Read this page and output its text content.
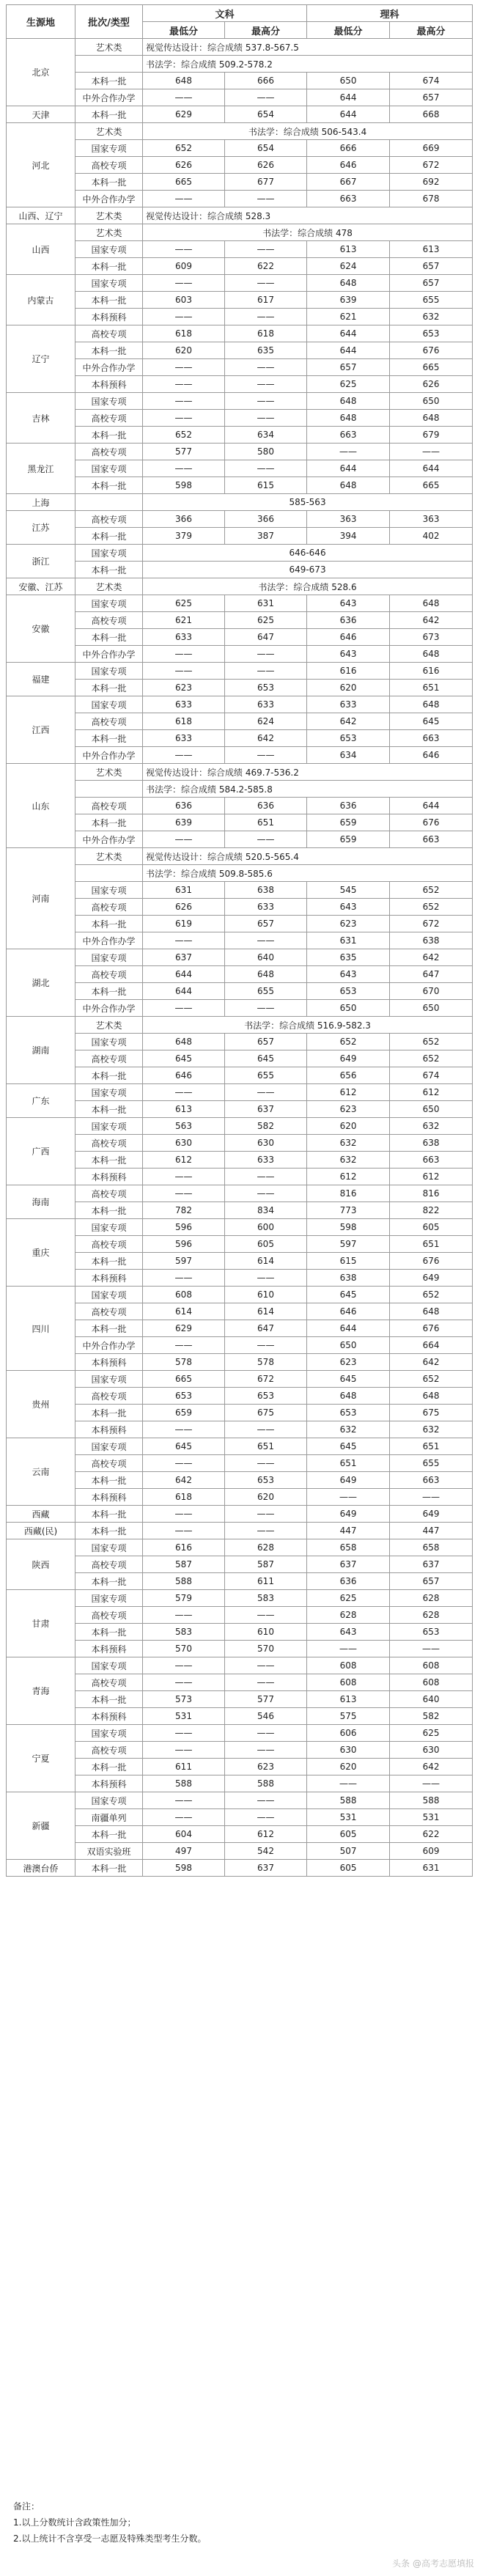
生源地	批次/类型	文科		理科	
		最低分	最高分	最低分	最高分
北京	艺术类	视觉传达设计：综合成绩 537.8-567.5			
		书法学：综合成绩 509.2-578.2			
	本科一批	648	666	650	674
	中外合作办学	——	——	644	657
天津	本科一批	629	654	644	668
河北	艺术类	书法学：综合成绩 506-543.4			
	国家专项	652	654	666	669
	高校专项	626	626	646	672
	本科一批	665	677	667	692
	中外合作办学	——	——	663	678
山西、辽宁	艺术类	视觉传达设计：综合成绩 528.3			
山西	艺术类	书法学：综合成绩 478			
	国家专项	——	——	613	613
	本科一批	609	622	624	657
内蒙古	国家专项	——	——	648	657
	本科一批	603	617	639	655
	本科预科	——	——	621	632
辽宁	高校专项	618	618	644	653
	本科一批	620	635	644	676
	中外合作办学	——	——	657	665
	本科预科	——	——	625	626
吉林	国家专项	——	——	648	650
	高校专项	——	——	648	648
	本科一批	652	634	663	679
黑龙江	高校专项	577	580	——	——
	国家专项	——	——	644	644
	本科一批	598	615	648	665
上海		585-563			
江苏	高校专项	366	366	363	363
	本科一批	379	387	394	402
浙江	国家专项	646-646			
	本科一批	649-673			
安徽、江苏	艺术类	书法学：综合成绩 528.6			
安徽	国家专项	625	631	643	648
	高校专项	621	625	636	642
	本科一批	633	647	646	673
	中外合作办学	——	——	643	648
福建	国家专项	——	——	616	616
	本科一批	623	653	620	651
江西	国家专项	633	633	633	648
	高校专项	618	624	642	645
	本科一批	633	642	653	663
	中外合作办学	——	——	634	646
山东	艺术类	视觉传达设计：综合成绩 469.7-536.2			
		书法学：综合成绩 584.2-585.8			
	高校专项	636	636	636	644
	本科一批	639	651	659	676
	中外合作办学	——	——	659	663
河南	艺术类	视觉传达设计：综合成绩 520.5-565.4			
		书法学：综合成绩 509.8-585.6			
	国家专项	631	638	545	652
	高校专项	626	633	643	652
	本科一批	619	657	623	672
	中外合作办学	——	——	631	638
湖北	国家专项	637	640	635	642
	高校专项	644	648	643	647
	本科一批	644	655	653	670
	中外合作办学	——	——	650	650
湖南	艺术类	书法学：综合成绩 516.9-582.3			
	国家专项	648	657	652	652
	高校专项	645	645	649	652
	本科一批	646	655	656	674
广东	国家专项	——	——	612	612
	本科一批	613	637	623	650
广西	国家专项	563	582	620	632
	高校专项	630	630	632	638
	本科一批	612	633	632	663
	本科预科	——	——	612	612
海南	高校专项	——	——	816	816
	本科一批	782	834	773	822
重庆	国家专项	596	600	598	605
	高校专项	596	605	597	651
	本科一批	597	614	615	676
	本科预科	——	——	638	649
四川	国家专项	608	610	645	652
	高校专项	614	614	646	648
	本科一批	629	647	644	676
	中外合作办学	——	——	650	664
	本科预科	578	578	623	642
贵州	国家专项	665	672	645	652
	高校专项	653	653	648	648
	本科一批	659	675	653	675
	本科预科	——	——	632	632
云南	国家专项	645	651	645	651
	高校专项	——	——	651	655
	本科一批	642	653	649	663
	本科预科	618	620	——	——
西藏	本科一批	——	——	649	649
西藏(民)	本科一批	——	——	447	447
陕西	国家专项	616	628	658	658
	高校专项	587	587	637	637
	本科一批	588	611	636	657
甘肃	国家专项	579	583	625	628
	高校专项	——	——	628	628
	本科一批	583	610	643	653
	本科预科	570	570	——	——
青海	国家专项	——	——	608	608
	高校专项	——	——	608	608
	本科一批	573	577	613	640
	本科预科	531	546	575	582
宁夏	国家专项	——	——	606	625
	高校专项	——	——	630	630
	本科一批	611	623	620	642
	本科预科	588	588	——	——
新疆	国家专项	——	——	588	588
	南疆单列	——	——	531	531
	本科一批	604	612	605	622
	双语实验班	497	542	507	609
港澳台侨	本科一批	598	637	605	631
备注：
1.以上分数统计含政策性加分；
2.以上统计不含享受一志愿及特殊类型考生分数。
头条 @高考志愿填报
